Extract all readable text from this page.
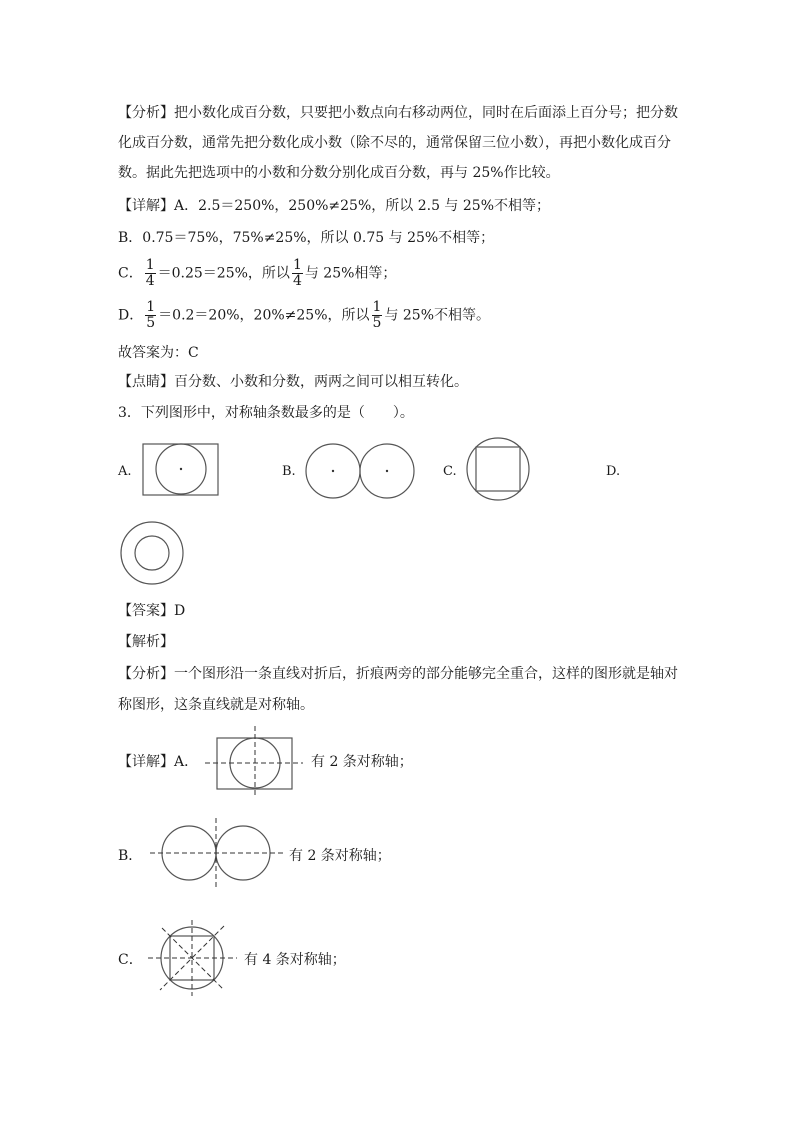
【分析】把小数化成百分数，只要把小数点向右移动两位，同时在后面添上百分号；把分数
化成百分数，通常先把分数化成小数（除不尽的，通常保留三位小数），再把小数化成百分
数。据此先把选项中的小数和分数分别化成百分数，再与 25%作比较。
【详解】A．2.5＝250%，250%≠25%，所以 2.5 与 25%不相等；
B．0.75＝75%，75%≠25%，所以 0.75 与 25%不相等；
C． $\frac{1}{4} =0.25=25\%$，所以 $\frac{1}{4}$ 与 25%相等；
D． $\frac{1}{5} =0.2=20\%$，20%≠25%，所以 $\frac{1}{5}$ 与 25%不相等。
故答案为：C
【点睛】百分数、小数和分数，两两之间可以相互转化。
3．下列图形中，对称轴条数最多的是（　　）。
A.	B.	C.	D.
【答案】D
【解析】
【分析】一个图形沿一条直线对折后，折痕两旁的部分能够完全重合，这样的图形就是轴对
称图形，这条直线就是对称轴。
【详解】A．	有 2 条对称轴；
B．	有 2 条对称轴；
C．	有 4 条对称轴；
